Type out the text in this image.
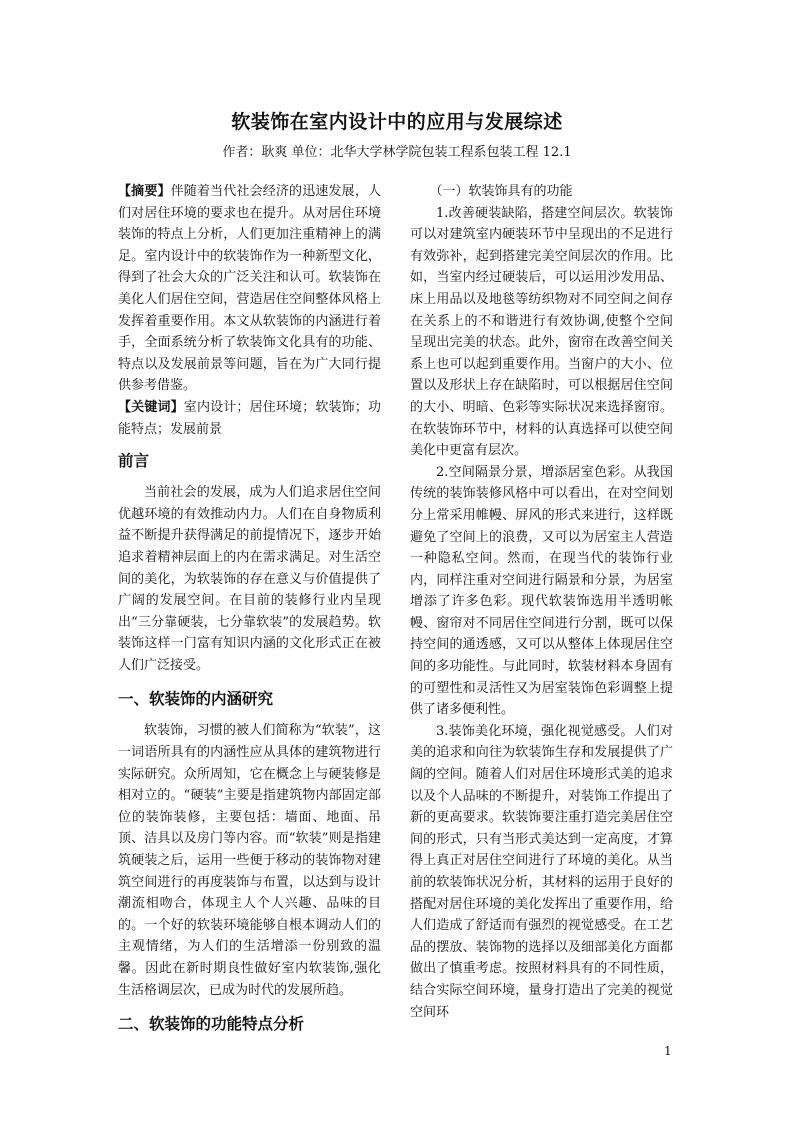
软装饰在室内设计中的应用与发展综述
作者：耿爽 单位：北华大学林学院包装工程系包装工程 12.1

【摘要】伴随着当代社会经济的迅速发展，人们对居住环境的要求也在提升。从对居住环境装饰的特点上分析，人们更加注重精神上的满足。室内设计中的软装饰作为一种新型文化，得到了社会大众的广泛关注和认可。软装饰在美化人们居住空间，营造居住空间整体风格上发挥着重要作用。本文从软装饰的内涵进行着手，全面系统分析了软装饰文化具有的功能、特点以及发展前景等问题，旨在为广大同行提供参考借鉴。

【关键词】室内设计；居住环境；软装饰；功能特点；发展前景

前言

当前社会的发展，成为人们追求居住空间优越环境的有效推动内力。人们在自身物质利益不断提升获得满足的前提情况下，逐步开始追求着精神层面上的内在需求满足。对生活空间的美化，为软装饰的存在意义与价值提供了广阔的发展空间。在目前的装修行业内呈现出“三分靠硬装，七分靠软装”的发展趋势。软装饰这样一门富有知识内涵的文化形式正在被人们广泛接受。

一、软装饰的内涵研究

软装饰，习惯的被人们简称为“软装”，这一词语所具有的内涵性应从具体的建筑物进行实际研究。众所周知，它在概念上与硬装修是相对立的。“硬装”主要是指建筑物内部固定部位的装饰装修，主要包括：墙面、地面、吊顶、洁具以及房门等内容。而“软装”则是指建筑硬装之后，运用一些便于移动的装饰物对建筑空间进行的再度装饰与布置，以达到与设计潮流相吻合，体现主人个人兴趣、品味的目的。一个好的软装环境能够自根本调动人们的主观情绪，为人们的生活增添一份别致的温馨。因此在新时期良性做好室内软装饰,强化生活格调层次，已成为时代的发展所趋。

二、软装饰的功能特点分析

（一）软装饰具有的功能

1.改善硬装缺陷，搭建空间层次。软装饰可以对建筑室内硬装环节中呈现出的不足进行有效弥补，起到搭建完美空间层次的作用。比如，当室内经过硬装后，可以运用沙发用品、床上用品以及地毯等纺织物对不同空间之间存在关系上的不和谐进行有效协调,使整个空间呈现出完美的状态。此外，窗帘在改善空间关系上也可以起到重要作用。当窗户的大小、位置以及形状上存在缺陷时，可以根据居住空间的大小、明暗、色彩等实际状况来选择窗帘。在软装饰环节中，材料的认真选择可以使空间美化中更富有层次。

2.空间隔景分景，增添居室色彩。从我国传统的装饰装修风格中可以看出，在对空间划分上常采用帷幔、屏风的形式来进行，这样既避免了空间上的浪费，又可以为居室主人营造一种隐私空间。然而，在现当代的装饰行业内，同样注重对空间进行隔景和分景，为居室增添了许多色彩。现代软装饰选用半透明帐幔、窗帘对不同居住空间进行分割，既可以保持空间的通透感，又可以从整体上体现居住空间的多功能性。与此同时，软装材料本身固有的可塑性和灵活性又为居室装饰色彩调整上提供了诸多便利性。

3.装饰美化环境，强化视觉感受。人们对美的追求和向往为软装饰生存和发展提供了广阔的空间。随着人们对居住环境形式美的追求以及个人品味的不断提升，对装饰工作提出了新的更高要求。软装饰要注重打造完美居住空间的形式，只有当形式美达到一定高度，才算得上真正对居住空间进行了环境的美化。从当前的软装饰状况分析，其材料的运用于良好的搭配对居住环境的美化发挥出了重要作用，给人们造成了舒适而有强烈的视觉感受。在工艺品的摆放、装饰物的选择以及细部美化方面都做出了慎重考虑。按照材料具有的不同性质，结合实际空间环境，量身打造出了完美的视觉空间环

1
